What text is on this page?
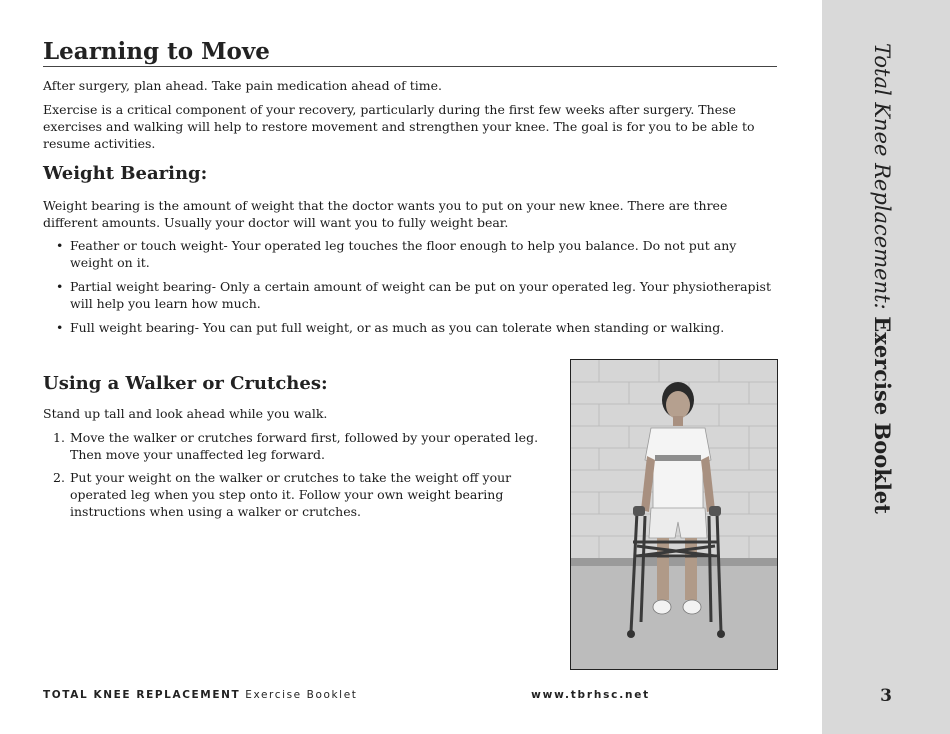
Learning to Move
After surgery, plan ahead. Take pain medication ahead of time.
Exercise is a critical component of your recovery, particularly during the first few weeks after surgery. These exercises and walking will help to restore movement and strengthen your knee. The goal is for you to be able to resume activities.
Weight Bearing:
Weight bearing is the amount of weight that the doctor wants you to put on your new knee. There are three different amounts. Usually your doctor will want you to fully weight bear.
• Feather or touch weight- Your operated leg touches the floor enough to help you balance. Do not put any weight on it.
• Partial weight bearing- Only a certain amount of weight can be put on your operated leg. Your physiotherapist will help you learn how much.
• Full weight bearing- You can put full weight, or as much as you can tolerate when standing or walking.
Using a Walker or Crutches:
Stand up tall and look ahead while you walk.
1. Move the walker or crutches forward first, followed by your operated leg. Then move your unaffected leg forward.
2. Put your weight on the walker or crutches to take the weight off your operated leg when you step onto it. Follow your own weight bearing instructions when using a walker or crutches.
TOTAL KNEE REPLACEMENT Exercise Booklet	www.tbrhsc.net
Total Knee Replacement: Exercise Booklet
3
